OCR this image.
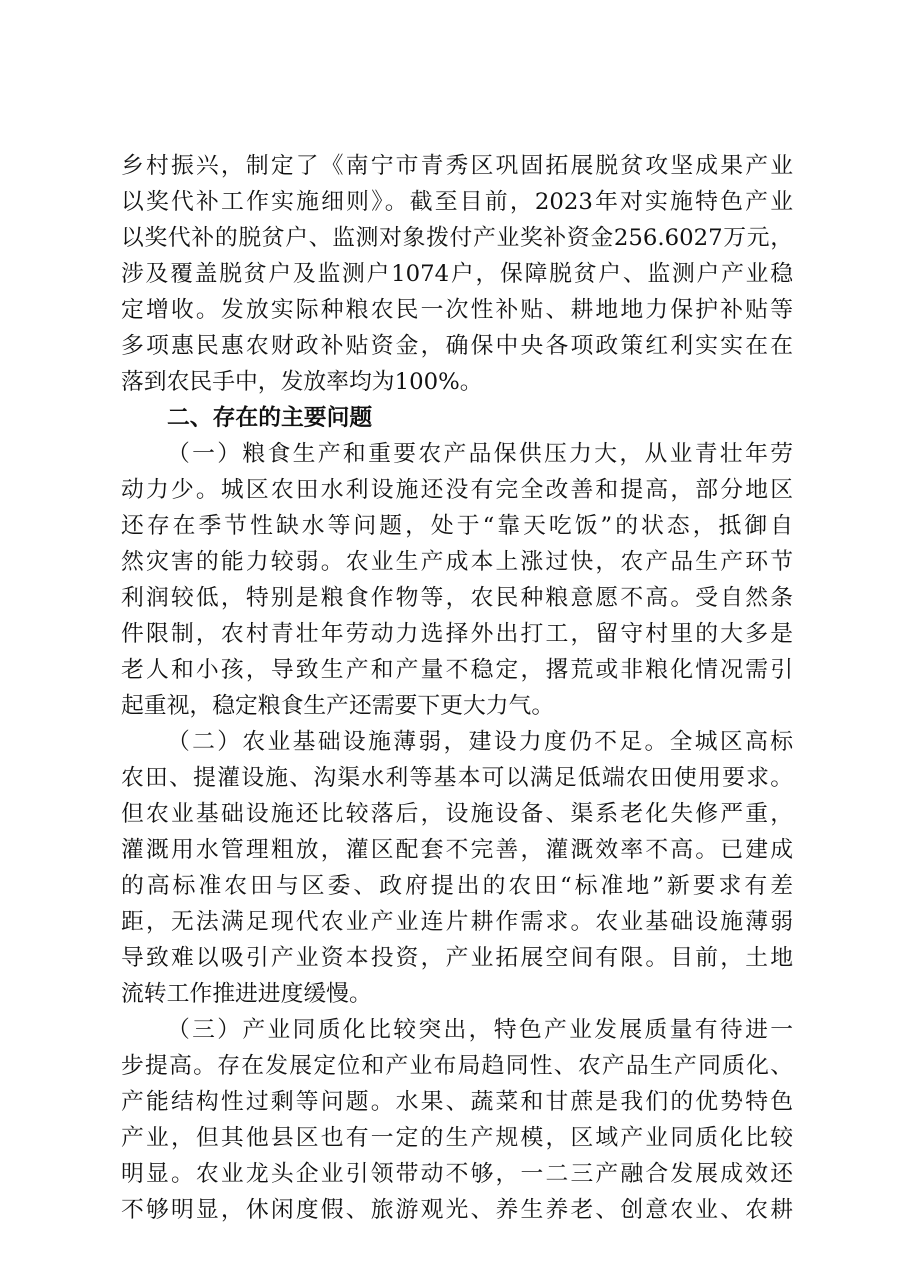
乡村振兴，制定了《南宁市青秀区巩固拓展脱贫攻坚成果产业
以奖代补工作实施细则》。截至目前，2023年对实施特色产业
以奖代补的脱贫户、监测对象拨付产业奖补资金256.6027万元，
涉及覆盖脱贫户及监测户1074户，保障脱贫户、监测户产业稳
定增收。发放实际种粮农民一次性补贴、耕地地力保护补贴等
多项惠民惠农财政补贴资金，确保中央各项政策红利实实在在
落到农民手中，发放率均为100%。
二、存在的主要问题
（一）粮食生产和重要农产品保供压力大，从业青壮年劳
动力少。城区农田水利设施还没有完全改善和提高，部分地区
还存在季节性缺水等问题，处于“靠天吃饭”的状态，抵御自
然灾害的能力较弱。农业生产成本上涨过快，农产品生产环节
利润较低，特别是粮食作物等，农民种粮意愿不高。受自然条
件限制，农村青壮年劳动力选择外出打工，留守村里的大多是
老人和小孩，导致生产和产量不稳定，撂荒或非粮化情况需引
起重视，稳定粮食生产还需要下更大力气。
（二）农业基础设施薄弱，建设力度仍不足。全城区高标
农田、提灌设施、沟渠水利等基本可以满足低端农田使用要求。
但农业基础设施还比较落后，设施设备、渠系老化失修严重，
灌溉用水管理粗放，灌区配套不完善，灌溉效率不高。已建成
的高标准农田与区委、政府提出的农田“标准地”新要求有差
距，无法满足现代农业产业连片耕作需求。农业基础设施薄弱
导致难以吸引产业资本投资，产业拓展空间有限。目前，土地
流转工作推进进度缓慢。
（三）产业同质化比较突出，特色产业发展质量有待进一
步提高。存在发展定位和产业布局趋同性、农产品生产同质化、
产能结构性过剩等问题。水果、蔬菜和甘蔗是我们的优势特色
产业，但其他县区也有一定的生产规模，区域产业同质化比较
明显。农业龙头企业引领带动不够，一二三产融合发展成效还
不够明显，休闲度假、旅游观光、养生养老、创意农业、农耕
